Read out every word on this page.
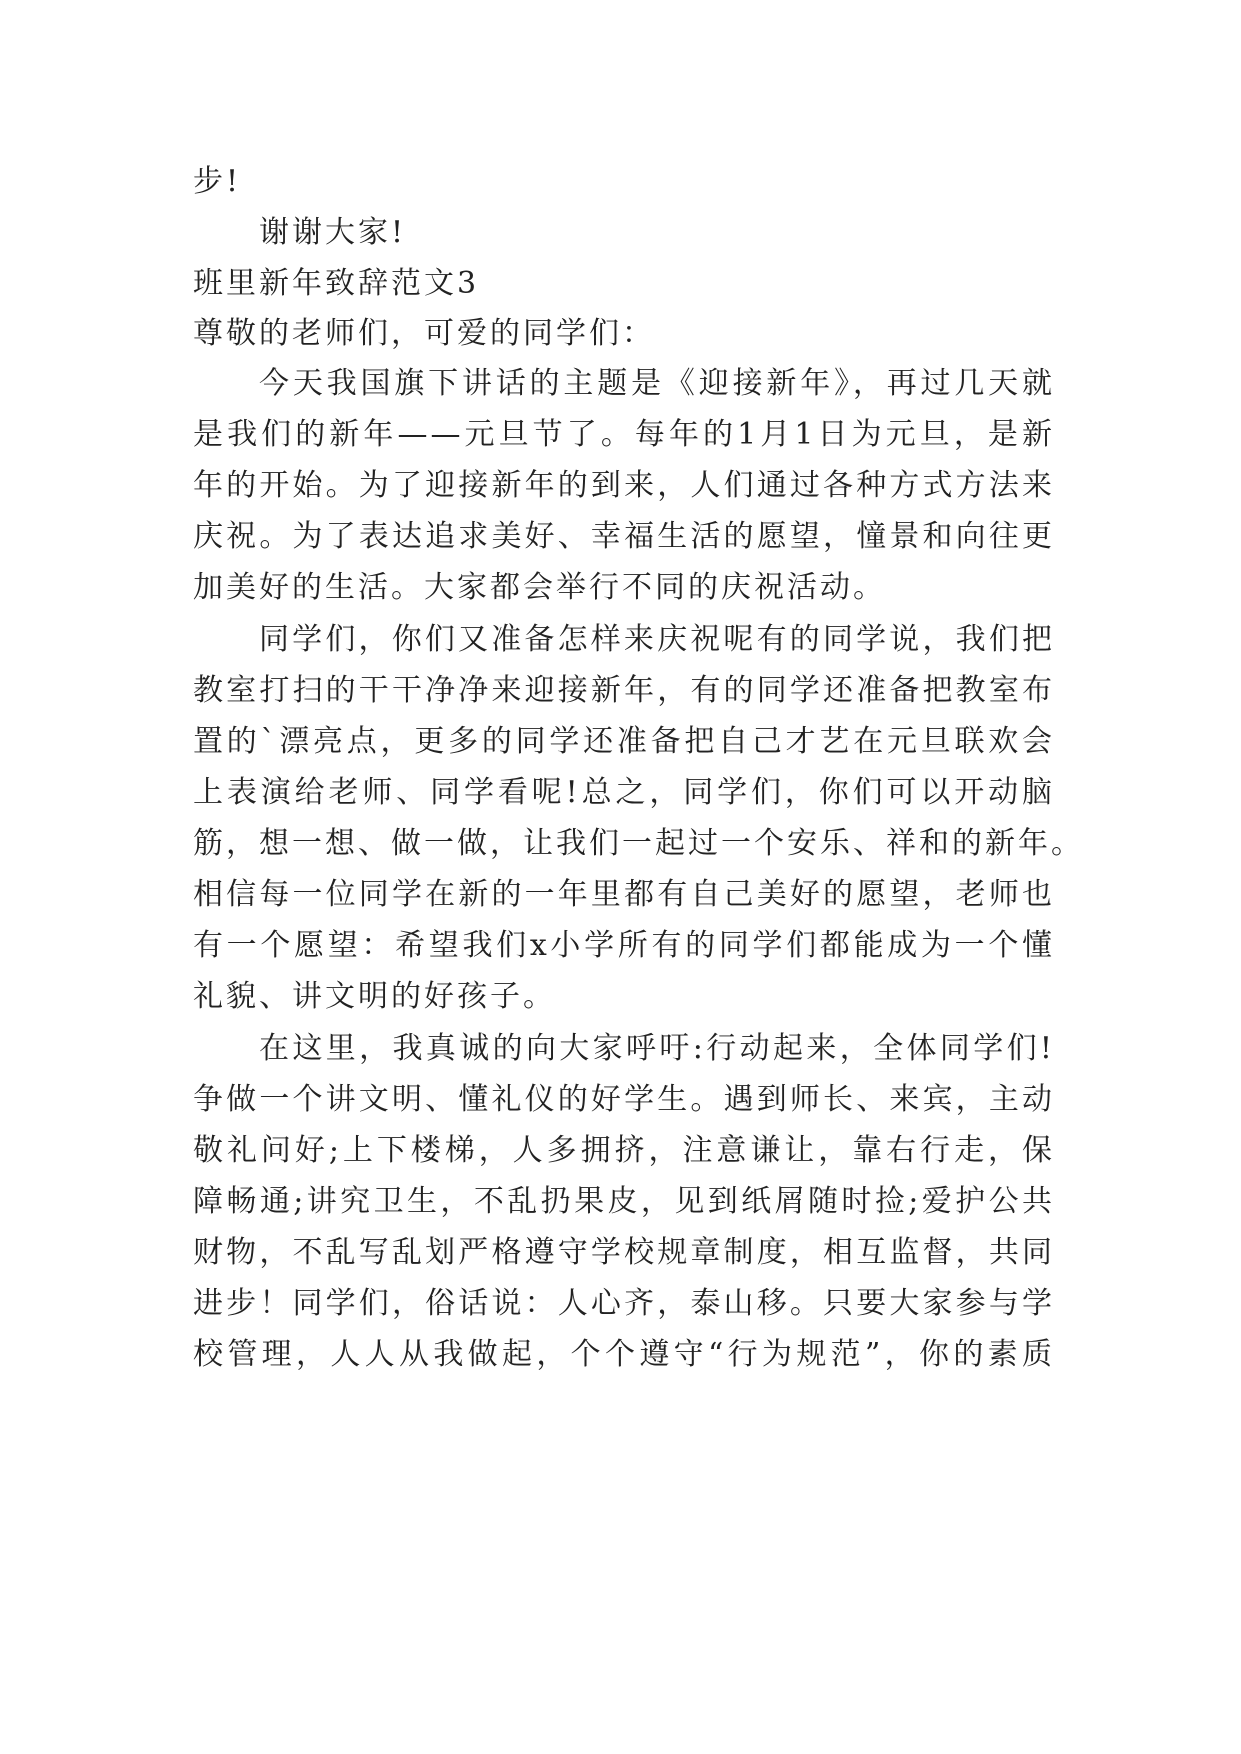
步!
谢谢大家!
班里新年致辞范文3
尊敬的老师们，可爱的同学们：
今天我国旗下讲话的主题是《迎接新年》，再过几天就
是我们的新年——元旦节了。每年的1月1日为元旦，是新
年的开始。为了迎接新年的到来，人们通过各种方式方法来
庆祝。为了表达追求美好、幸福生活的愿望，憧景和向往更
加美好的生活。大家都会举行不同的庆祝活动。
同学们，你们又准备怎样来庆祝呢有的同学说，我们把
教室打扫的干干净净来迎接新年，有的同学还准备把教室布
置的`漂亮点，更多的同学还准备把自己才艺在元旦联欢会
上表演给老师、同学看呢!总之，同学们，你们可以开动脑
筋，想一想、做一做，让我们一起过一个安乐、祥和的新年。
相信每一位同学在新的一年里都有自己美好的愿望，老师也
有一个愿望：希望我们x小学所有的同学们都能成为一个懂
礼貌、讲文明的好孩子。
在这里，我真诚的向大家呼吁:行动起来，全体同学们!
争做一个讲文明、懂礼仪的好学生。遇到师长、来宾，主动
敬礼问好;上下楼梯，人多拥挤，注意谦让，靠右行走，保
障畅通;讲究卫生，不乱扔果皮，见到纸屑随时捡;爱护公共
财物，不乱写乱划严格遵守学校规章制度，相互监督，共同
进步！同学们，俗话说：人心齐，泰山移。只要大家参与学
校管理，人人从我做起，个个遵守“行为规范”，你的素质
